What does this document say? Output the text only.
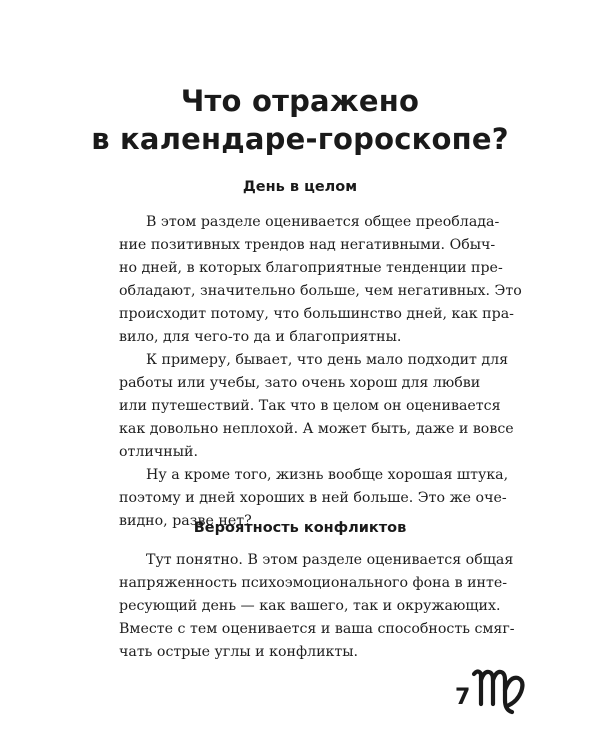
Что отражено
в календаре-гороскопе?
День в целом

В этом разделе оценивается общее преоблада-

ние позитивных трендов над негативными. Обыч-

но дней, в которых благоприятные тенденции пре-

обладают, значительно больше, чем негативных. Это

происходит потому, что большинство дней, как пра-

вило, для чего-то да и благоприятны.

К примеру, бывает, что день мало подходит для

работы или учебы, зато очень хорош для любви

или путешествий. Так что в целом он оценивается

как довольно неплохой. А может быть, даже и вовсе

отличный.

Ну а кроме того, жизнь вообще хорошая штука,

поэтому и дней хороших в ней больше. Это же оче-

видно, разве нет?

Вероятность конфликтов

Тут понятно. В этом разделе оценивается общая

напряженность психоэмоционального фона в инте-

ресующий день — как вашего, так и окружающих.

Вместе с тем оценивается и ваша способность смяг-

чать острые углы и конфликты.

7
